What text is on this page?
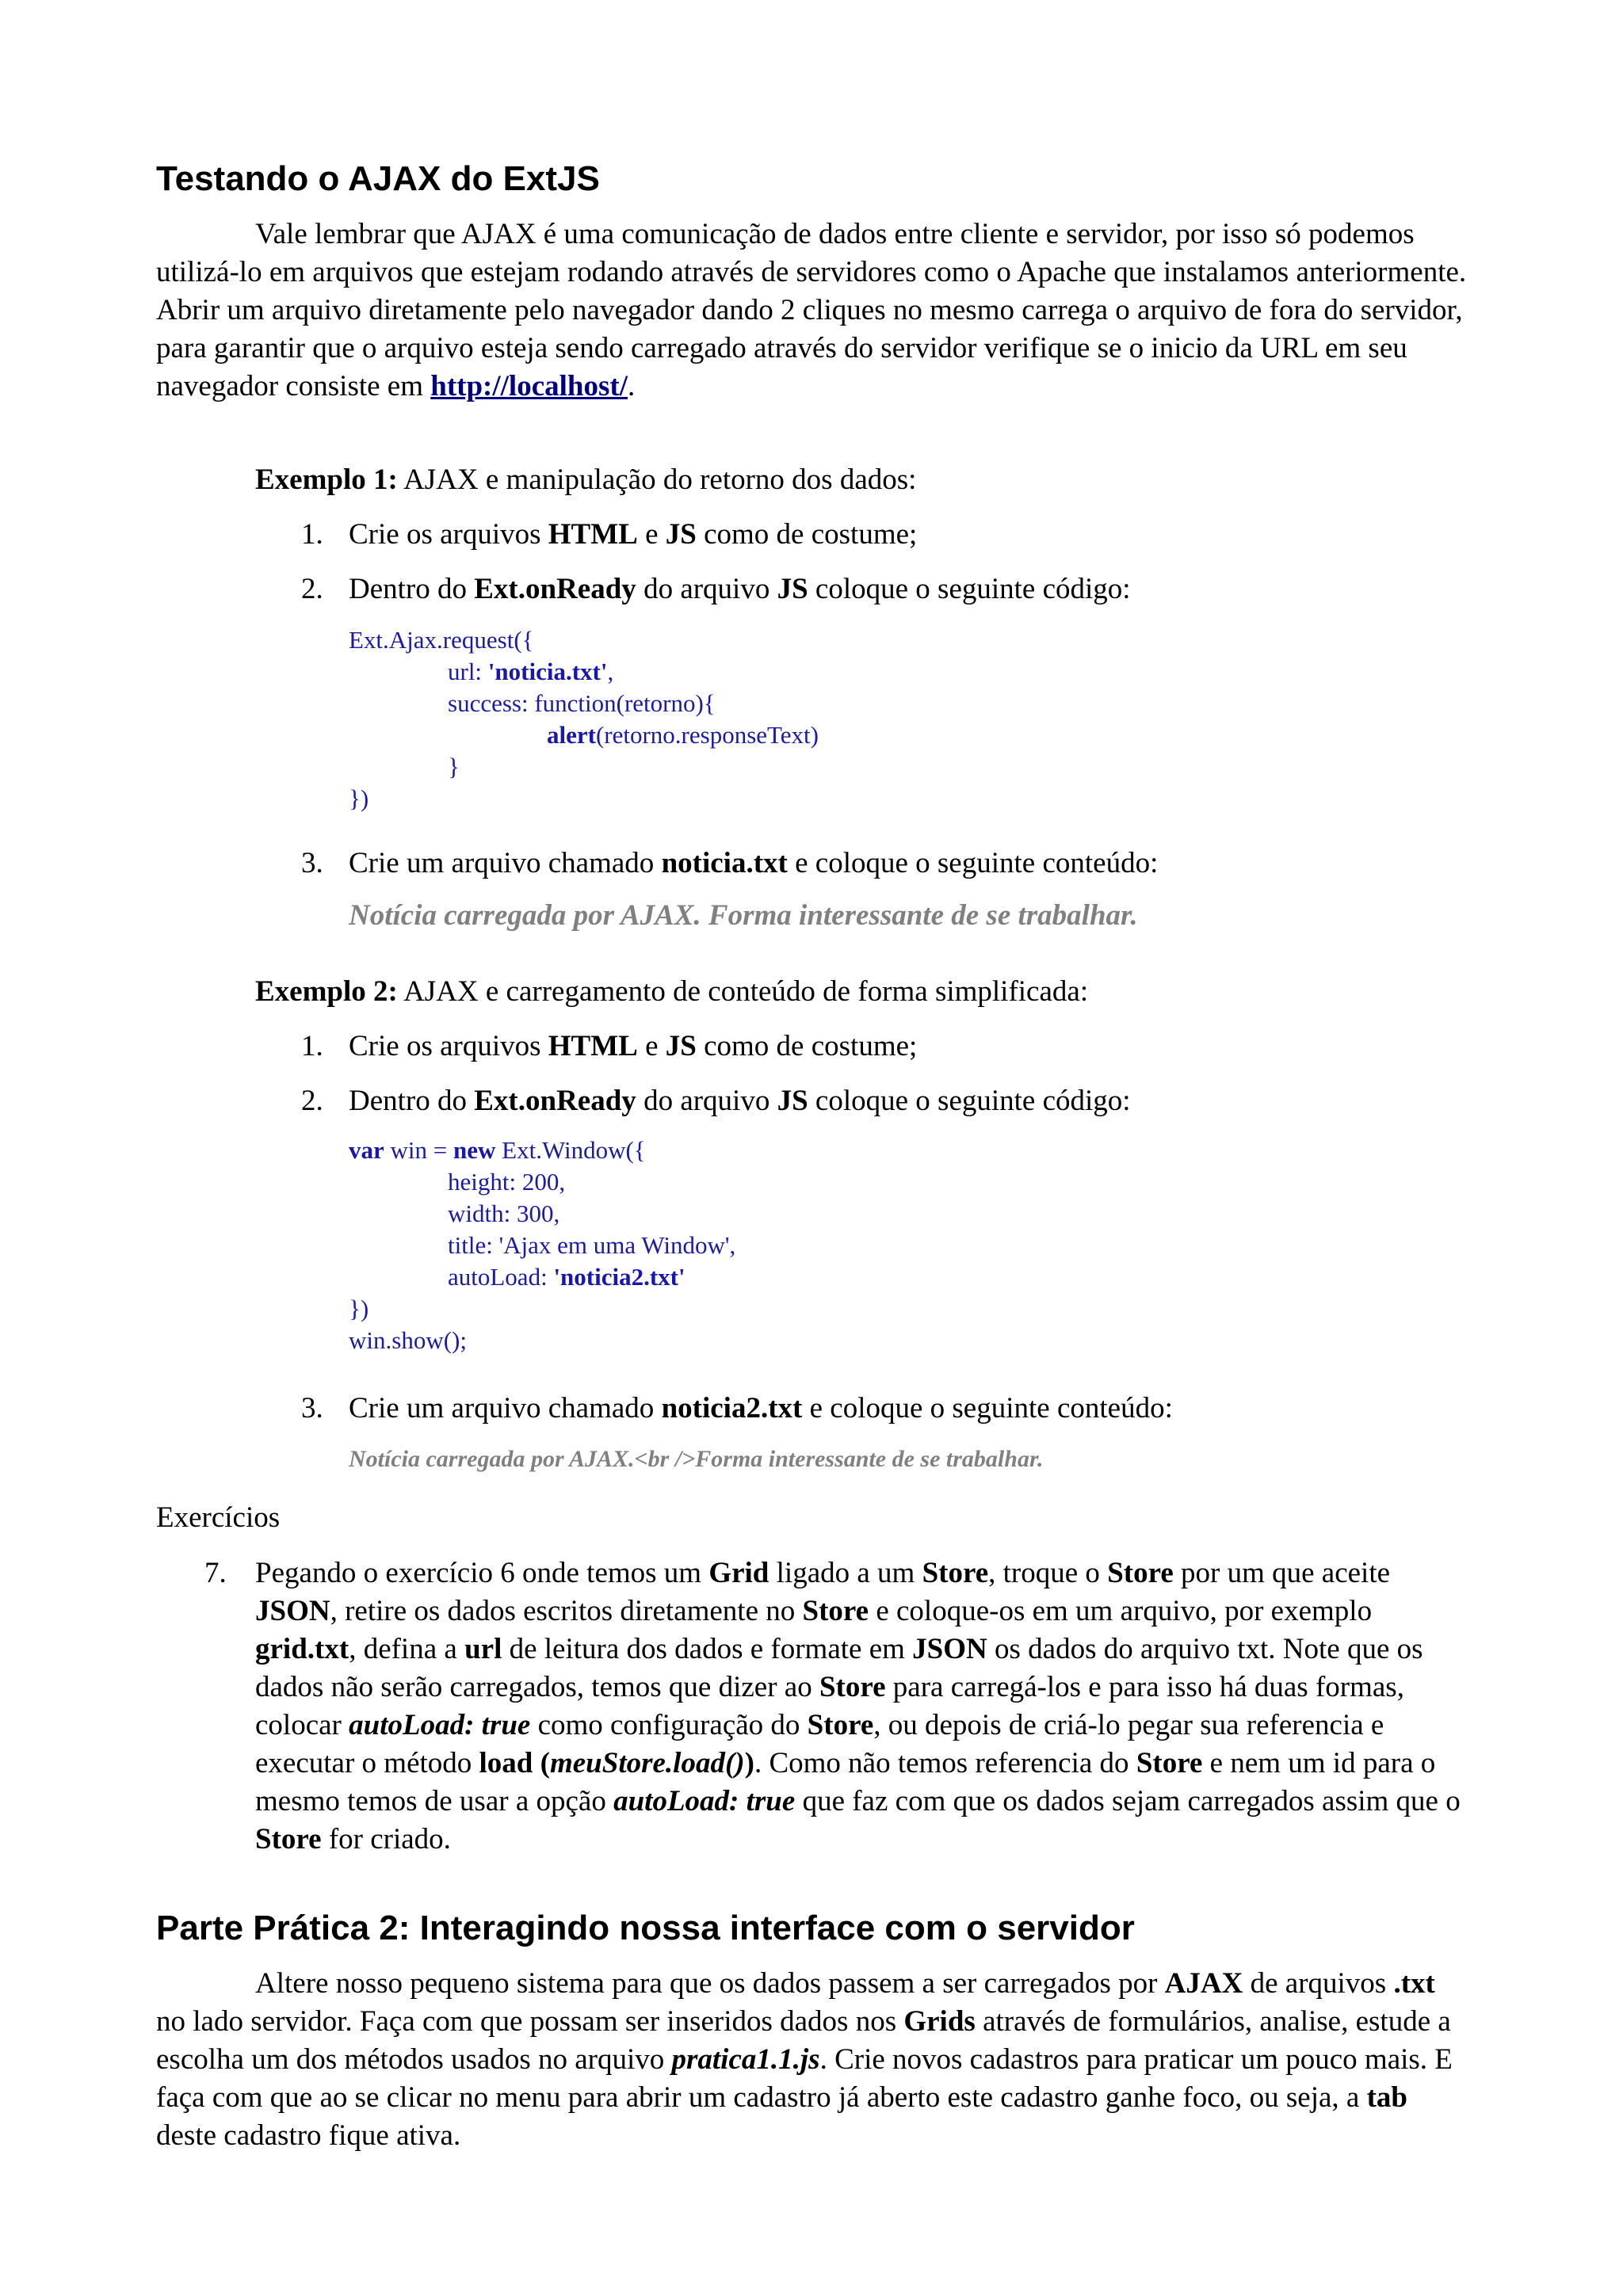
Testando o AJAX do ExtJS

Vale lembrar que AJAX é uma comunicação de dados entre cliente e servidor, por isso só podemos utilizá-lo em arquivos que estejam rodando através de servidores como o Apache que instalamos anteriormente. Abrir um arquivo diretamente pelo navegador dando 2 cliques no mesmo carrega o arquivo de fora do servidor, para garantir que o arquivo esteja sendo carregado através do servidor verifique se o inicio da URL em seu navegador consiste em http://localhost/.

Exemplo 1: AJAX e manipulação do retorno dos dados:
1. Crie os arquivos HTML e JS como de costume;
2. Dentro do Ext.onReady do arquivo JS coloque o seguinte código:
Ext.Ajax.request({
url: 'noticia.txt',
success: function(retorno){
alert(retorno.responseText)
}
})
3. Crie um arquivo chamado noticia.txt e coloque o seguinte conteúdo:
Notícia carregada por AJAX. Forma interessante de se trabalhar.
Exemplo 2: AJAX e carregamento de conteúdo de forma simplificada:
1. Crie os arquivos HTML e JS como de costume;
2. Dentro do Ext.onReady do arquivo JS coloque o seguinte código:
var win = new Ext.Window({
height: 200,
width: 300,
title: 'Ajax em uma Window',
autoLoad: 'noticia2.txt'
})
win.show();
3. Crie um arquivo chamado noticia2.txt e coloque o seguinte conteúdo:
Notícia carregada por AJAX.<br />Forma interessante de se trabalhar.
Exercícios
7. Pegando o exercício 6 onde temos um Grid ligado a um Store, troque o Store por um que aceite JSON, retire os dados escritos diretamente no Store e coloque-os em um arquivo, por exemplo grid.txt, defina a url de leitura dos dados e formate em JSON os dados do arquivo txt. Note que os dados não serão carregados, temos que dizer ao Store para carregá-los e para isso há duas formas, colocar autoLoad: true como configuração do Store, ou depois de criá-lo pegar sua referencia e executar o método load (meuStore.load()). Como não temos referencia do Store e nem um id para o mesmo temos de usar a opção autoLoad: true que faz com que os dados sejam carregados assim que o Store for criado.

Parte Prática 2: Interagindo nossa interface com o servidor

Altere nosso pequeno sistema para que os dados passem a ser carregados por AJAX de arquivos .txt no lado servidor. Faça com que possam ser inseridos dados nos Grids através de formulários, analise, estude a escolha um dos métodos usados no arquivo pratica1.1.js. Crie novos cadastros para praticar um pouco mais. E faça com que ao se clicar no menu para abrir um cadastro já aberto este cadastro ganhe foco, ou seja, a tab deste cadastro fique ativa.
